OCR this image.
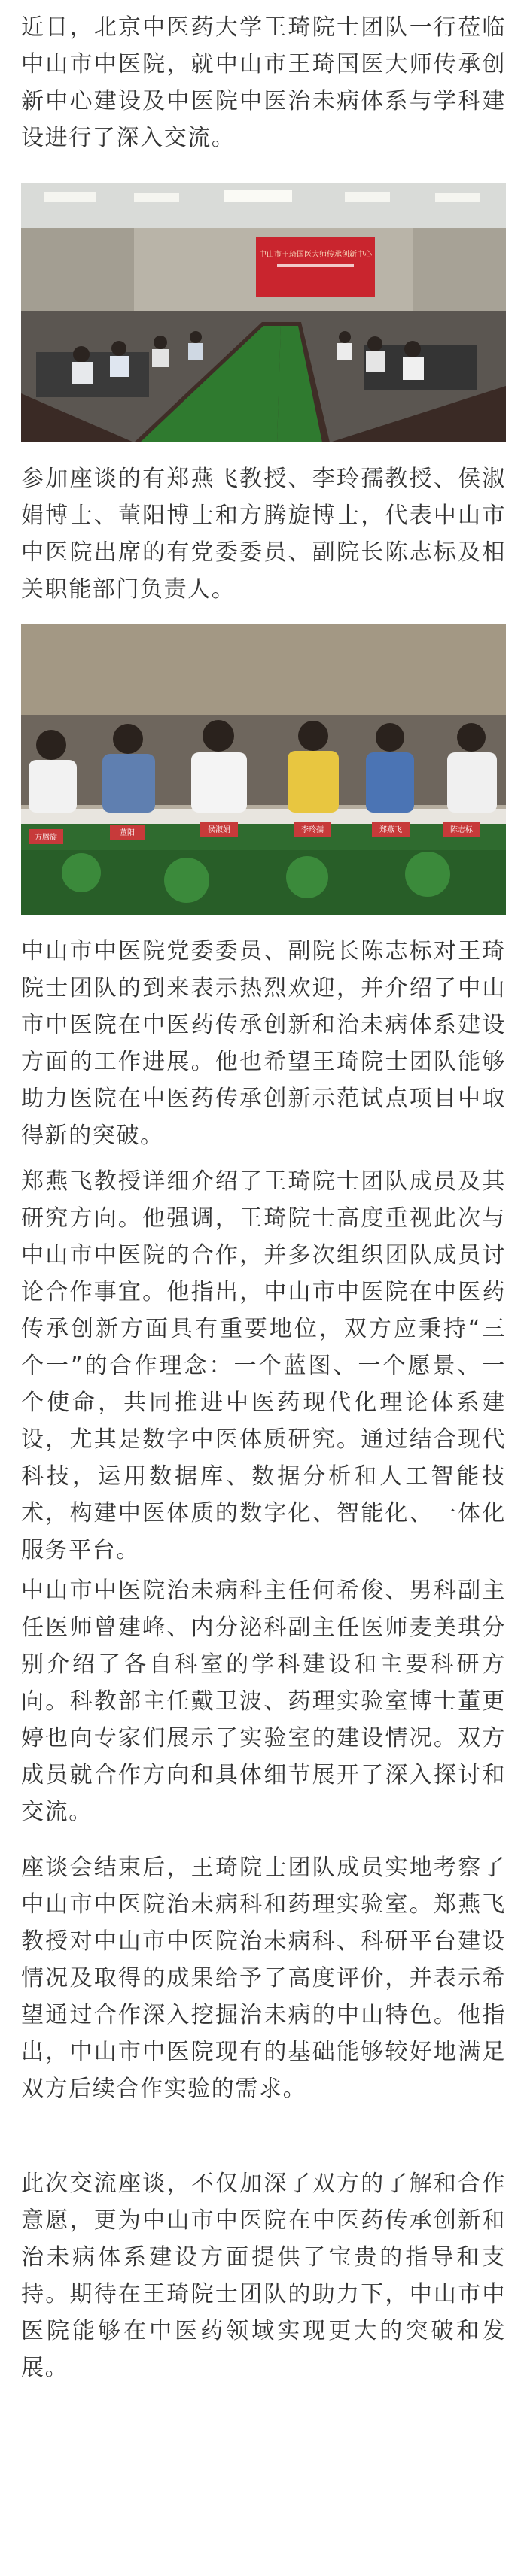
近日，北京中医药大学王琦院士团队一行莅临中山市中医院，就中山市王琦国医大师传承创新中心建设及中医院中医治未病体系与学科建设进行了深入交流。

中山市王琦国医大师传承创新中心

参加座谈的有郑燕飞教授、李玲孺教授、侯淑娟博士、董阳博士和方腾旋博士，代表中山市中医院出席的有党委委员、副院长陈志标及相关职能部门负责人。

方腾旋
董阳	侯淑娟	李玲孺	郑燕飞	陈志标

中山市中医院党委委员、副院长陈志标对王琦院士团队的到来表示热烈欢迎，并介绍了中山市中医院在中医药传承创新和治未病体系建设方面的工作进展。他也希望王琦院士团队能够助力医院在中医药传承创新示范试点项目中取得新的突破。

郑燕飞教授详细介绍了王琦院士团队成员及其研究方向。他强调，王琦院士高度重视此次与中山市中医院的合作，并多次组织团队成员讨论合作事宜。他指出，中山市中医院在中医药传承创新方面具有重要地位，双方应秉持“三个一”的合作理念：一个蓝图、一个愿景、一个使命，共同推进中医药现代化理论体系建设，尤其是数字中医体质研究。通过结合现代科技，运用数据库、数据分析和人工智能技术，构建中医体质的数字化、智能化、一体化服务平台。

中山市中医院治未病科主任何希俊、男科副主任医师曾建峰、内分泌科副主任医师麦美琪分别介绍了各自科室的学科建设和主要科研方向。科教部主任戴卫波、药理实验室博士董更婷也向专家们展示了实验室的建设情况。双方成员就合作方向和具体细节展开了深入探讨和交流。

座谈会结束后，王琦院士团队成员实地考察了中山市中医院治未病科和药理实验室。郑燕飞教授对中山市中医院治未病科、科研平台建设情况及取得的成果给予了高度评价，并表示希望通过合作深入挖掘治未病的中山特色。他指出，中山市中医院现有的基础能够较好地满足双方后续合作实验的需求。

此次交流座谈，不仅加深了双方的了解和合作意愿，更为中山市中医院在中医药传承创新和治未病体系建设方面提供了宝贵的指导和支持。期待在王琦院士团队的助力下，中山市中医院能够在中医药领域实现更大的突破和发展。
